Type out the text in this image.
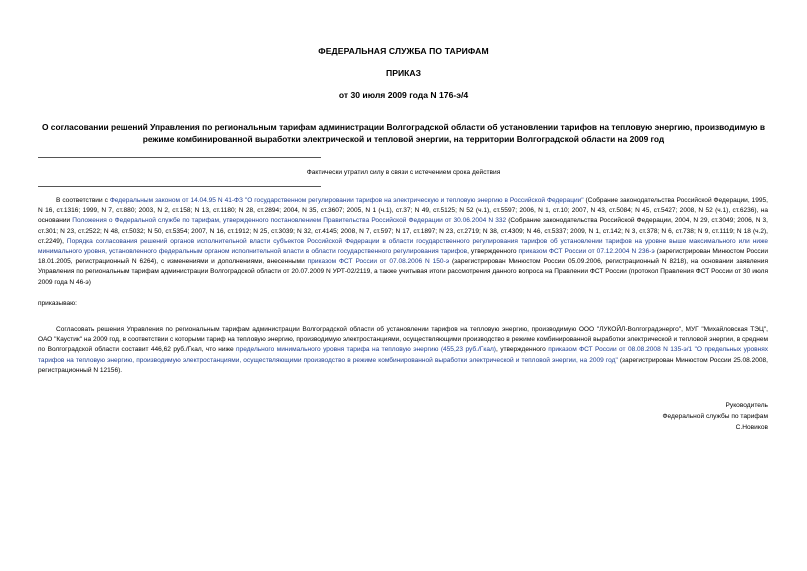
ФЕДЕРАЛЬНАЯ СЛУЖБА ПО ТАРИФАМ
ПРИКАЗ
от 30 июля 2009 года N 176-э/4
О согласовании решений Управления по региональным тарифам администрации Волгоградской области об установлении тарифов на тепловую энергию, производимую в режиме комбинированной выработки электрической и тепловой энергии, на территории Волгоградской области на 2009 год
Фактически утратил силу в связи с истечением срока действия

В соответствии с Федеральным законом от 14.04.95 N 41-ФЗ "О государственном регулировании тарифов на электрическую и тепловую энергию в Российской Федерации" (Собрание законодательства Российской Федерации, 1995, N 16, ст.1316; 1999, N 7, ст.880; 2003, N 2, ст.158; N 13, ст.1180; N 28, ст.2894; 2004, N 35, ст.3607; 2005, N 1 (ч.1), ст.37; N 49, ст.5125; N 52 (ч.1), ст.5597; 2006, N 1, ст.10; 2007, N 43, ст.5084; N 45, ст.5427; 2008, N 52 (ч.1), ст.6236), на основании Положения о Федеральной службе по тарифам, утвержденного постановлением Правительства Российской Федерации от 30.06.2004 N 332 (Собрание законодательства Российской Федерации, 2004, N 29, ст.3049; 2006, N 3, ст.301; N 23, ст.2522; N 48, ст.5032; N 50, ст.5354; 2007, N 16, ст.1912; N 25, ст.3039; N 32, ст.4145; 2008, N 7, ст.597; N 17, ст.1897; N 23, ст.2719; N 38, ст.4309; N 46, ст.5337; 2009, N 1, ст.142; N 3, ст.378; N 6, ст.738; N 9, ст.1119; N 18 (ч.2), ст.2249), Порядка согласования решений органов исполнительной власти субъектов Российской Федерации в области государственного регулирования тарифов об установлении тарифов на уровне выше максимального или ниже минимального уровня, установленного федеральным органом исполнительной власти в области государственного регулирования тарифов, утвержденного приказом ФСТ России от 07.12.2004 N 236-э (зарегистрирован Минюстом России 18.01.2005, регистрационный N 6264), с изменениями и дополнениями, внесенными приказом ФСТ России от 07.08.2006 N 150-э (зарегистрирован Минюстом России 05.09.2006, регистрационный N 8218), на основании заявления Управления по региональным тарифам администрации Волгоградской области от 20.07.2009 N УРТ-02/2119, а также учитывая итоги рассмотрения данного вопроса на Правлении ФСТ России (протокол Правления ФСТ России от 30 июля 2009 года N 46-э)

приказываю:

Согласовать решения Управления по региональным тарифам администрации Волгоградской области об установлении тарифов на тепловую энергию, производимую ООО "ЛУКОЙЛ-Волгоградэнерго", МУГ "Михайловская ТЭЦ", ОАО "Каустик" на 2009 год, в соответствии с которыми тариф на тепловую энергию, производимую электростанциями, осуществляющими производство в режиме комбинированной выработки электрической и тепловой энергии, в среднем по Волгоградской области составит 446,62 руб./Гкал, что ниже предельного минимального уровня тарифа на тепловую энергию (455,23 руб./Гкал), утвержденного приказом ФСТ России от 08.08.2008 N 135-э/1 "О предельных уровнях тарифов на тепловую энергию, производимую электростанциями, осуществляющими производство в режиме комбинированной выработки электрической и тепловой энергии, на 2009 год" (зарегистрирован Минюстом России 25.08.2008, регистрационный N 12156).

Руководитель
Федеральной службы по тарифам
С.Новиков
